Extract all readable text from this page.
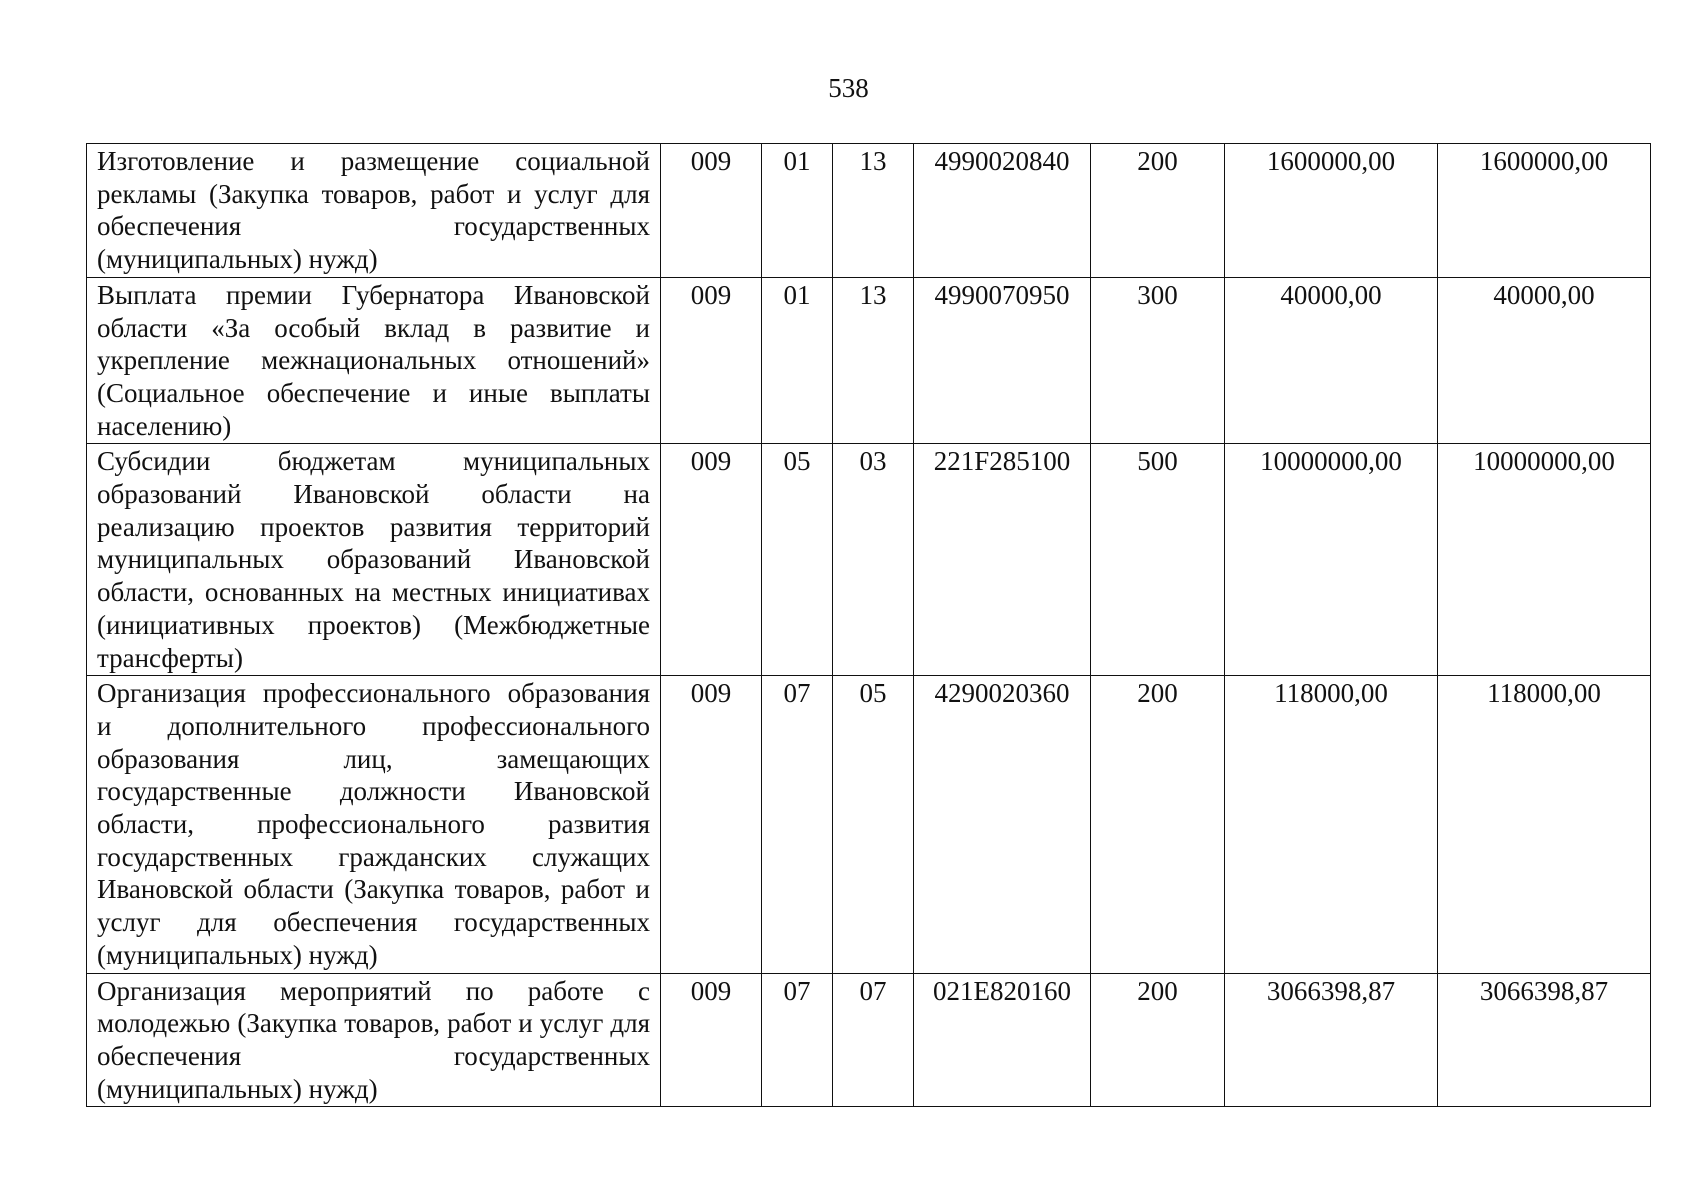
538
Изготовление и размещение социальной рекламы (Закупка товаров, работ и услуг для обеспечения государственных (муниципальных) нужд)	009	01	13	4990020840	200	1600000,00	1600000,00
Выплата премии Губернатора Ивановской области «За особый вклад в развитие и укрепление межнациональных отношений» (Социальное обеспечение и иные выплаты населению)	009	01	13	4990070950	300	40000,00	40000,00
Субсидии бюджетам муниципальных образований Ивановской области на реализацию проектов развития территорий муниципальных образований Ивановской области, основанных на местных инициативах (инициативных проектов) (Межбюджетные трансферты)	009	05	03	221F285100	500	10000000,00	10000000,00
Организация профессионального образования и дополнительного профессионального образования лиц, замещающих государственные должности Ивановской области, профессионального развития государственных гражданских служащих Ивановской области (Закупка товаров, работ и услуг для обеспечения государственных (муниципальных) нужд)	009	07	05	4290020360	200	118000,00	118000,00
Организация мероприятий по работе с молодежью (Закупка товаров, работ и услуг для обеспечения государственных (муниципальных) нужд)	009	07	07	021E820160	200	3066398,87	3066398,87
